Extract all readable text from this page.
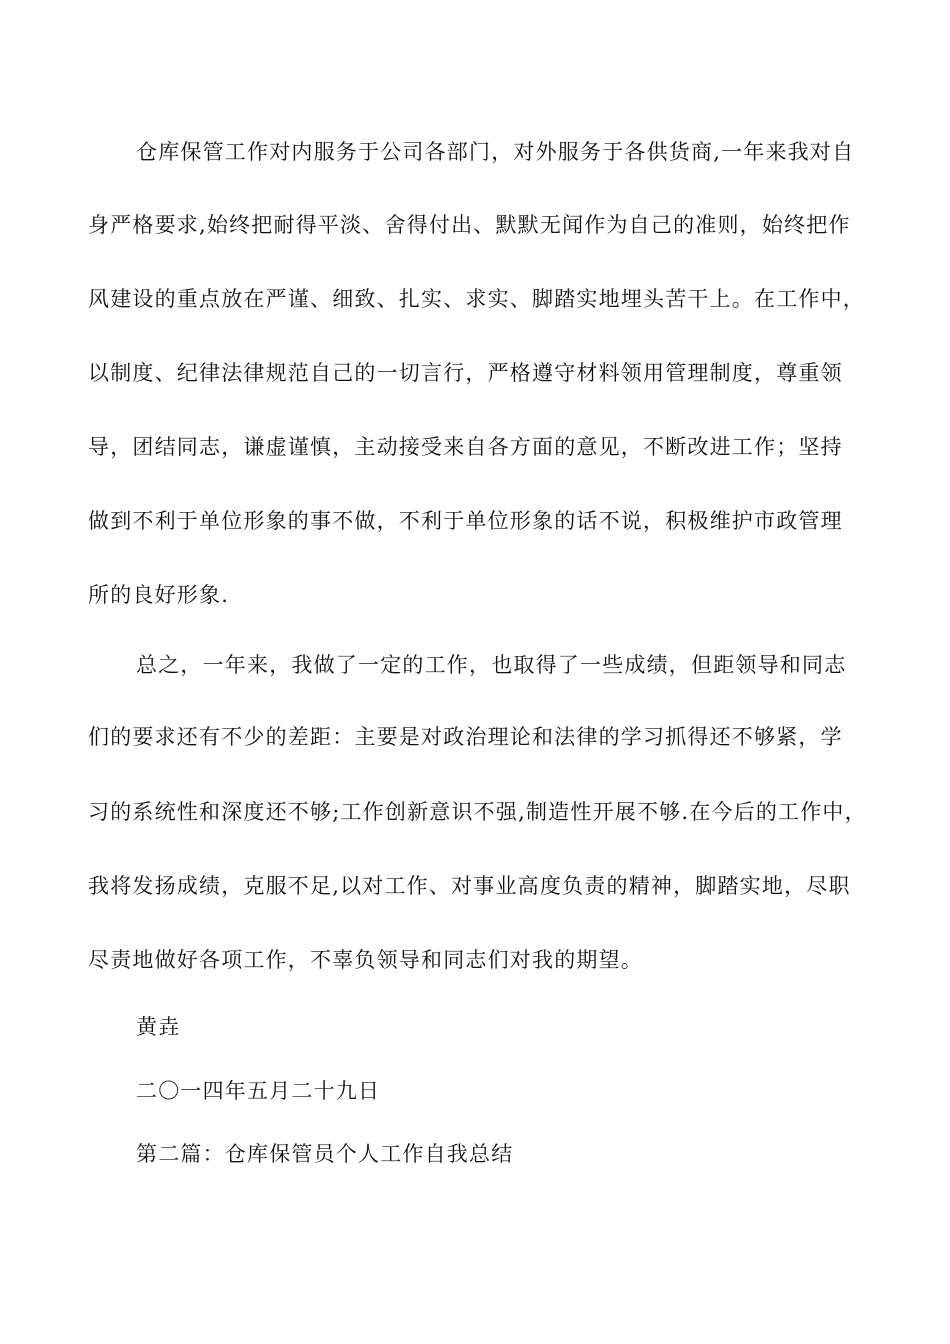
仓库保管工作对内服务于公司各部门，对外服务于各供货商,一年来我对自
身严格要求,始终把耐得平淡、舍得付出、默默无闻作为自己的准则，始终把作
风建设的重点放在严谨、细致、扎实、求实、脚踏实地埋头苦干上。在工作中，
以制度、纪律法律规范自己的一切言行，严格遵守材料领用管理制度，尊重领
导，团结同志，谦虚谨慎，主动接受来自各方面的意见，不断改进工作；坚持
做到不利于单位形象的事不做，不利于单位形象的话不说，积极维护市政管理
所的良好形象.
总之，一年来，我做了一定的工作，也取得了一些成绩，但距领导和同志
们的要求还有不少的差距：主要是对政治理论和法律的学习抓得还不够紧，学
习的系统性和深度还不够;工作创新意识不强,制造性开展不够.在今后的工作中，
我将发扬成绩，克服不足,以对工作、对事业高度负责的精神，脚踏实地，尽职
尽责地做好各项工作，不辜负领导和同志们对我的期望。
黄垚
二〇一四年五月二十九日
第二篇：仓库保管员个人工作自我总结
